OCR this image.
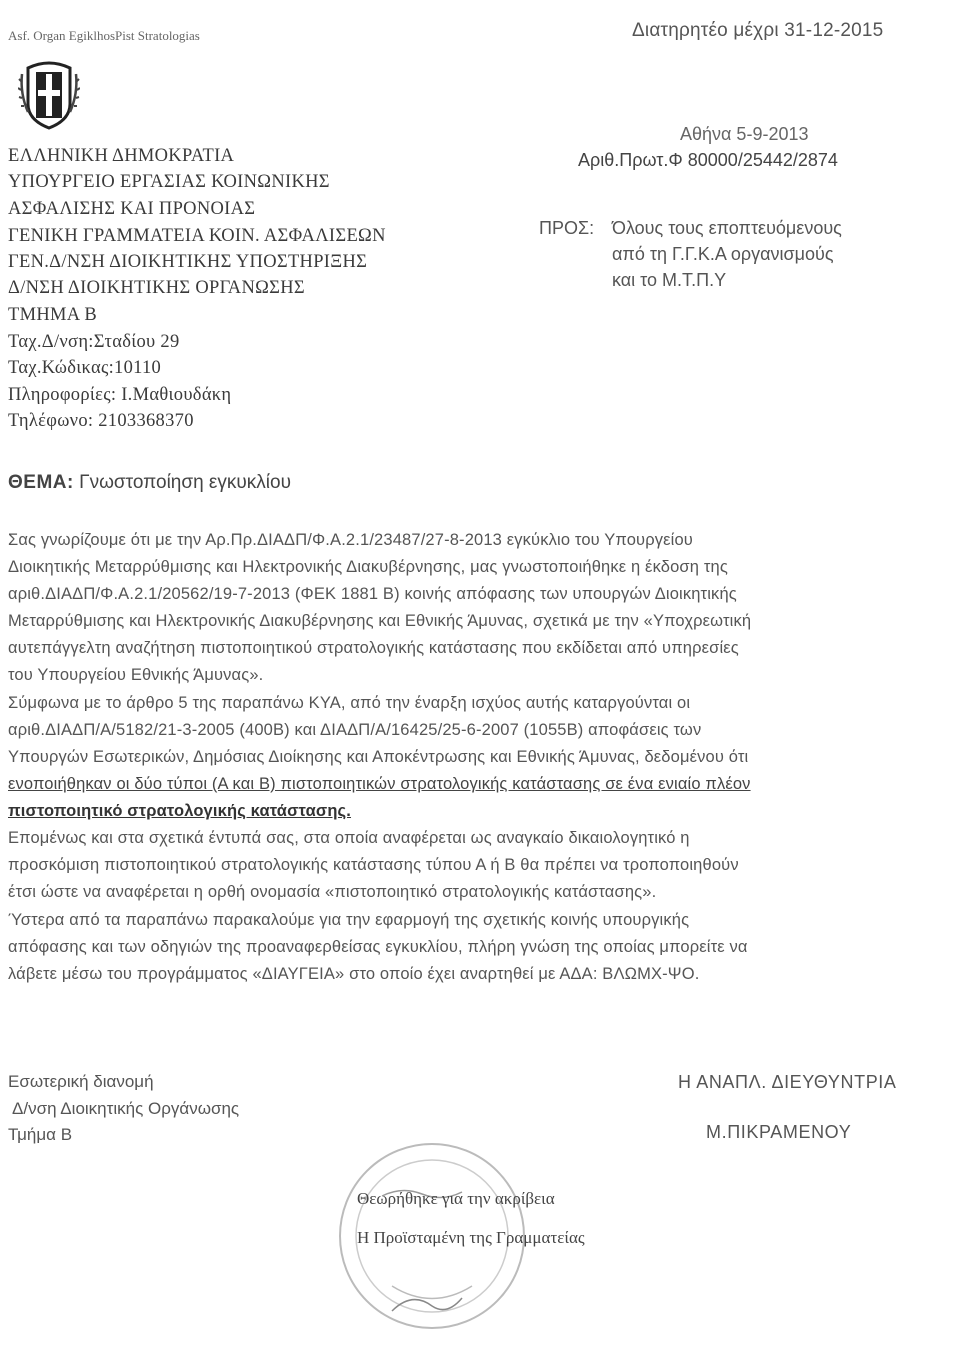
Asf. Organ EgiklhosPist Stratologias	Διατηρητέο μέχρι 31-12-2015
ΕΛΛΗΝΙΚΗ ΔΗΜΟΚΡΑΤΙΑ
ΥΠΟΥΡΓΕΙΟ ΕΡΓΑΣΙΑΣ ΚΟΙΝΩΝΙΚΗΣ
ΑΣΦΑΛΙΣΗΣ ΚΑΙ ΠΡΟΝΟΙΑΣ
ΓΕΝΙΚΗ ΓΡΑΜΜΑΤΕΙΑ ΚΟΙΝ. ΑΣΦΑΛΙΣΕΩΝ
ΓΕΝ.Δ/ΝΣΗ ΔΙΟΙΚΗΤΙΚΗΣ ΥΠΟΣΤΗΡΙΞΗΣ
Δ/ΝΣΗ ΔΙΟΙΚΗΤΙΚΗΣ ΟΡΓΑΝΩΣΗΣ
ΤΜΗΜΑ Β
Ταχ.Δ/νση:Σταδίου 29
Ταχ.Κώδικας:10110
Πληροφορίες: Ι.Μαθιουδάκη
Τηλέφωνο: 2103368370
Αθήνα 5-9-2013
Αριθ.Πρωτ.Φ 80000/25442/2874
ΠΡΟΣ: Όλους τους εποπτευόμενους
από τη Γ.Γ.Κ.Α οργανισμούς
και το Μ.Τ.Π.Υ
ΘΕΜΑ: Γνωστοποίηση εγκυκλίου
Σας γνωρίζουμε ότι με την Αρ.Πρ.ΔΙΑΔΠ/Φ.Α.2.1/23487/27-8-2013 εγκύκλιο του Υπουργείου
Διοικητικής Μεταρρύθμισης και Ηλεκτρονικής Διακυβέρνησης, μας γνωστοποιήθηκε η έκδοση της
αριθ.ΔΙΑΔΠ/Φ.Α.2.1/20562/19-7-2013 (ΦΕΚ 1881 Β) κοινής απόφασης των υπουργών Διοικητικής
Μεταρρύθμισης και Ηλεκτρονικής Διακυβέρνησης και Εθνικής Άμυνας, σχετικά με την «Υποχρεωτική
αυτεπάγγελτη αναζήτηση πιστοποιητικού στρατολογικής κατάστασης που εκδίδεται από υπηρεσίες
του Υπουργείου Εθνικής Άμυνας».
Σύμφωνα με το άρθρο 5 της παραπάνω ΚΥΑ, από την έναρξη ισχύος αυτής καταργούνται οι
αριθ.ΔΙΑΔΠ/Α/5182/21-3-2005 (400Β) και ΔΙΑΔΠ/Α/16425/25-6-2007 (1055Β) αποφάσεις των
Υπουργών Εσωτερικών, Δημόσιας Διοίκησης και Αποκέντρωσης και Εθνικής Άμυνας, δεδομένου ότι
ενοποιήθηκαν οι δύο τύποι (Α και Β) πιστοποιητικών στρατολογικής κατάστασης σε ένα ενιαίο πλέον
πιστοποιητικό στρατολογικής κατάστασης.
Επομένως και στα σχετικά έντυπά σας, στα οποία αναφέρεται ως αναγκαίο δικαιολογητικό η
προσκόμιση πιστοποιητικού στρατολογικής κατάστασης τύπου Α ή Β θα πρέπει να τροποποιηθούν
έτσι ώστε να αναφέρεται η ορθή ονομασία «πιστοποιητικό στρατολογικής κατάστασης».
Ύστερα από τα παραπάνω παρακαλούμε για την εφαρμογή της σχετικής κοινής υπουργικής
απόφασης και των οδηγιών της προαναφερθείσας εγκυκλίου, πλήρη γνώση της οποίας μπορείτε να
λάβετε μέσω του προγράμματος «ΔΙΑΥΓΕΙΑ» στο οποίο έχει αναρτηθεί με ΑΔΑ: ΒΛΩΜΧ-ΨΟ.
Εσωτερική διανομή
Δ/νση Διοικητικής Οργάνωσης
Τμήμα Β
Η ΑΝΑΠΛ. ΔΙΕΥΘΥΝΤΡΙΑ
Μ.ΠΙΚΡΑΜΕΝΟΥ
Θεωρήθηκε για την ακρίβεια
Η Προϊσταμένη της Γραμματείας
